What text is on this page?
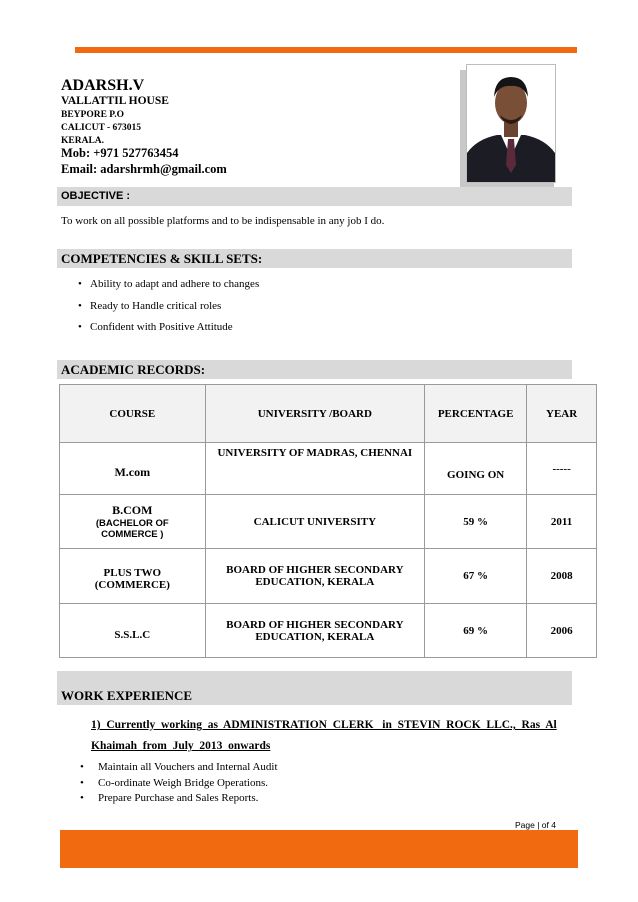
ADARSH.V
VALLATTIL HOUSE
BEYPORE P.O
CALICUT - 673015
KERALA.
Mob: +971 527763454
Email: adarshrmh@gmail.com
OBJECTIVE :
To work on all possible platforms and to be indispensable in any job I do.
COMPETENCIES & SKILL SETS:
• Ability to adapt and adhere to changes
• Ready to Handle critical roles
• Confident with Positive Attitude
ACADEMIC RECORDS:
COURSE	UNIVERSITY /BOARD	PERCENTAGE	YEAR
M.com	UNIVERSITY OF MADRAS, CHENNAI	GOING ON	-----

B.COM
(BACHELOR OF COMMERCE )	CALICUT UNIVERSITY	59 %	2011
PLUS TWO (COMMERCE)	BOARD OF HIGHER SECONDARY EDUCATION, KERALA	67 %	2008
S.S.L.C	BOARD OF HIGHER SECONDARY EDUCATION, KERALA	69 %	2006
WORK EXPERIENCE
1)  Currently  working  as  ADMINISTRATION  CLERK   in  STEVIN  ROCK  LLC.,  Ras  Al
Khaimah  from  July  2013  onwards
• Maintain all Vouchers and Internal Audit
• Co-ordinate Weigh Bridge Operations.
• Prepare Purchase and Sales Reports.
Page | of 4
